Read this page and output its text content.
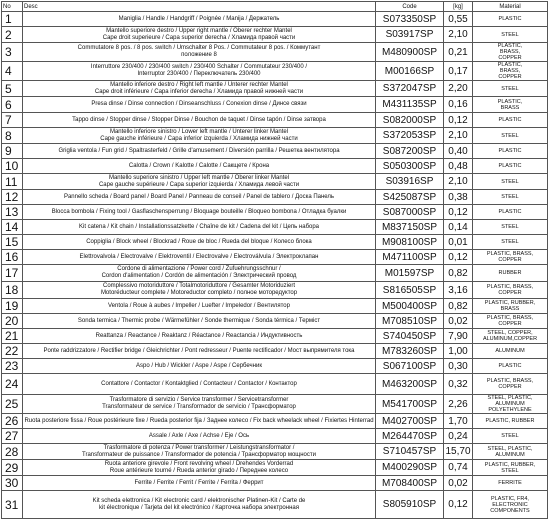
No	Desc	Code	[kg]	Material
1	Maniglia / Handle / Handgriff / Poignée / Manija / Держатель	S073350SP	0,55	PLASTIC

2	Mantello superiore destro / Upper right mantle / Oberer rechter Mantel
Cape droit superieure / Capa superior derecha / Хламида правой части	S03917SP	2,10	STEEL

3	Commutatore 8 pos. / 8 pos. switch / Umschalter 8 Pos. / Commutateur 8 pos. / Коммутант
положение 8	M480900SP	0,21	PLASTIC,
BRASS,
COPPER

4	Interruttore 230/400 / 230/400 switch / 230/400 Schalter / Commutateur 230/400 /
Interruptor 230/400 / Переключатель 230/400	M00166SP	0,17	PLASTIC,
BRASS,
COPPER

5	Mantello inferiore destro / Right left mantle / Unterer rechter Mantel
Cape droit inférieure / Capa inferior derecha / Хламида правой нижней части	S372047SP	2,20	STEEL

6	Presa dinse / Dinse connection / Dinseanschluss / Conexion dinse / Динсе связи	M431135SP	0,16	PLASTIC,
BRASS

7	Tappo dinse / Stopper dinse / Stopper Dinse / Bouchon de taquet / Dinse tapón / Dinse затвора	S082000SP	0,12	PLASTIC

8	Mantello inferiore sinistro / Lower left mantle / Unterer linker Mantel
Cape gauche inférieure / Capa inferior izquierda / Хламида нижней части	S372053SP	2,10	STEEL

9	Griglia ventola / Fun grid / Spaltrasterfeld / Grille d'amusement / Diversión parrilla / Решетка вентилятора	S087200SP	0,40	PLASTIC

10	Calotta / Crown / Kalotte / Calotte / Сакщете / Крона	S050300SP	0,48	PLASTIC

11	Mantello superiore sinistro / Upper left mantle / Oberer linker Mantel
Cape gauche supérieure / Capa superior izquierda / Хламида левой части	S03916SP	2,10	STEEL

12	Pannello scheda / Board panel / Board Panel / Panneau de conseil / Panel de tablero / Доска Панель	S425087SP	0,38	STEEL

13	Blocca bombola / Fixing tool / Gasflaschensperrung / Bloquage bouteille / Bloqueo bombona / Отладка буалки	S087000SP	0,12	PLASTIC

14	Kit catena / Kit chain / Installationssatzkette / Chaîne de kit / Cadena del kit / Цепь набора	M837150SP	0,14	STEEL

15	Coppiglia / Block wheel / Blockrad / Roue de bloc / Rueda del bloque / Колесо блока	M908100SP	0,01	STEEL

16	Elettrovalvola / Electrovalve / Elektroventil / Electrovalve / Electroválvula / Электроклапан	M471100SP	0,12	PLASTIC, BRASS,
COPPER

17	Cordone di alimentazione / Power cord / Zufuehrungsschnur /
Cordon d'alimentation / Cordón de alimentación / Электрический провод	M01597SP	0,82	RUBBER

18	Complessivo motoriduttore / Totalmotoriduttore / Gesamter Motoriduziert
Motoréducteur complete / Motoreductor completo / полное моторедуктор	S816505SP	3,16	PLASTIC, BRASS,
COPPER

19	Ventola / Roue à aubes / Impeller / Luefter / Impeledor / Вентилятор	M500400SP	0,82	PLASTIC, RUBBER,
BRASS

20	Sonda termica / Thermic probe / Wärmefühler / Sonde thermique / Sonda térmica / Терміст	M708510SP	0,02	PLASTIC, BRASS,
COPPER

21	Reattanza / Reactance / Reaktanz / Réactance / Reactancia / Индуктивность	S740450SP	7,90	STEEL, COPPER,
ALUMINUM,COPPER

22	Ponte raddrizzatore / Rectifier bridge / Gleichrichter / Pont redresseur / Puente rectificador / Мост выпрямителя тока	M783260SP	1,00	ALUMINUM

23	Aspo / Hub / Wickler / Aspe / Aspe / Сербечник	S067100SP	0,30	PLASTIC

24	Contattore / Contactor / Kontaktglied / Contacteur / Contactor / Контактор	M463200SP	0,32	PLASTIC, BRASS,
COPPER

25	Trasformatore di servizio / Service transformer / Servicetransformer
Transformateur de service / Transformador de servicio / Трансформатор	M541700SP	2,26	STEEL, PLASTIC,
ALUMINUM
POLYETHYLENE

26	Ruota posteriore fissa / Roue postérieure fixe / Rueda posterior fija / Заднее колесо / Fix back wheelack wheel / Fixiertes Hinterrad	M402700SP	1,70	PLASTIC, RUBBER

27	Assale / Axle / Axe / Achse / Eje / Ось	M264470SP	0,24	STEEL

28	Trasformatore di potenza / Power transformer / Leistungstransformator /
Transformateur de puissance / Transformador de potencia / Трансформатор мощности	S710457SP	15,70	STEEL, PLASTIC,
ALUMINUM

29	Ruota anteriore girevole / Front revolving wheel / Drehendes Vorderrad
Roue antérieure tourné / Rueda anterior girado / Переднее колесо	M400290SP	0,74	PLASTIC, RUBBER,
STEEL

30	Ferrite / Ferrite / Ferrit / Ferrite / Ferrita / Феррит	M708400SP	0,02	FERRITE

31	Kit scheda elettronica / Kit electronic card / elektronischer Platinen-Kit / Carte de
kit électronique / Tarjeta del kit electrónico / Карточка набора электронная	S805910SP	0,12	PLASTIC, FR4,
ELECTRONIC
COMPONENTS
